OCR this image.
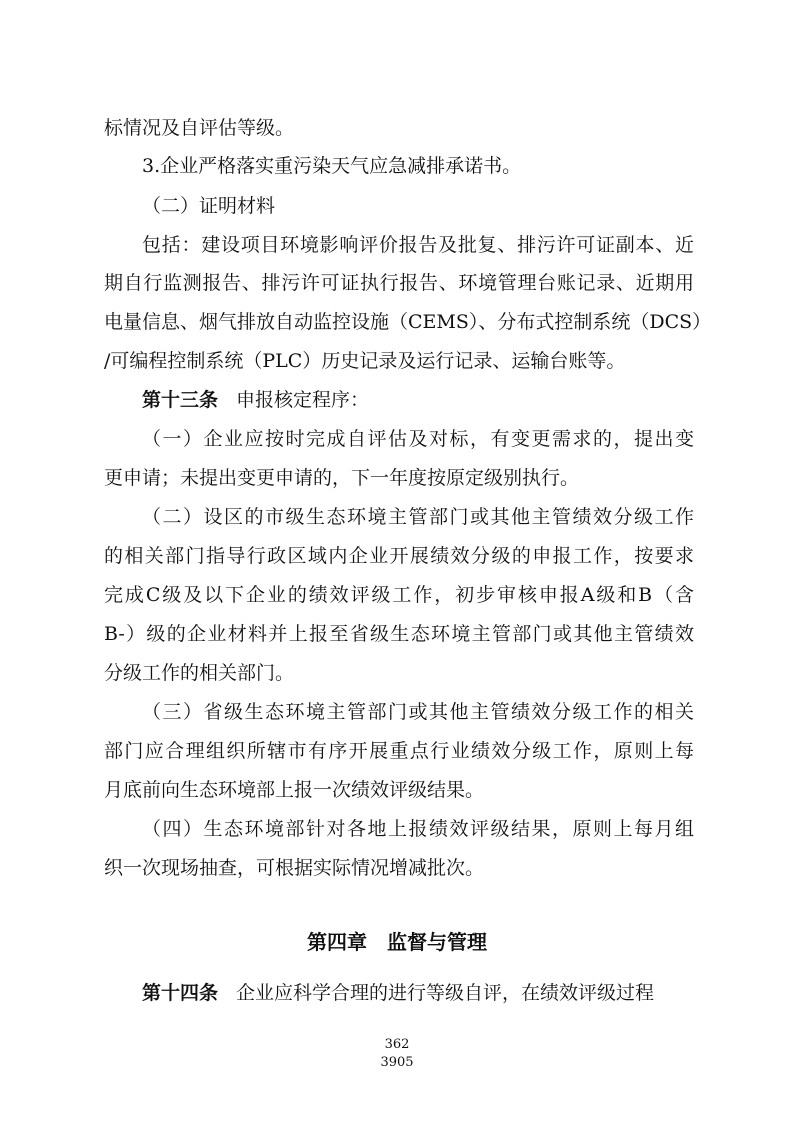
标情况及自评估等级。
3.企业严格落实重污染天气应急减排承诺书。
（二）证明材料
包括：建设项目环境影响评价报告及批复、排污许可证副本、近
期自行监测报告、排污许可证执行报告、环境管理台账记录、近期用
电量信息、烟气排放自动监控设施（CEMS）、分布式控制系统（DCS）
/可编程控制系统（PLC）历史记录及运行记录、运输台账等。
第十三条 申报核定程序：
（一）企业应按时完成自评估及对标，有变更需求的，提出变
更申请；未提出变更申请的，下一年度按原定级别执行。
（二）设区的市级生态环境主管部门或其他主管绩效分级工作
的相关部门指导行政区域内企业开展绩效分级的申报工作，按要求
完成C级及以下企业的绩效评级工作，初步审核申报A级和B（含
B-）级的企业材料并上报至省级生态环境主管部门或其他主管绩效
分级工作的相关部门。
（三）省级生态环境主管部门或其他主管绩效分级工作的相关
部门应合理组织所辖市有序开展重点行业绩效分级工作，原则上每
月底前向生态环境部上报一次绩效评级结果。
（四）生态环境部针对各地上报绩效评级结果，原则上每月组
织一次现场抽查，可根据实际情况增减批次。
第四章　监督与管理
第十四条 企业应科学合理的进行等级自评，在绩效评级过程
362
3905
